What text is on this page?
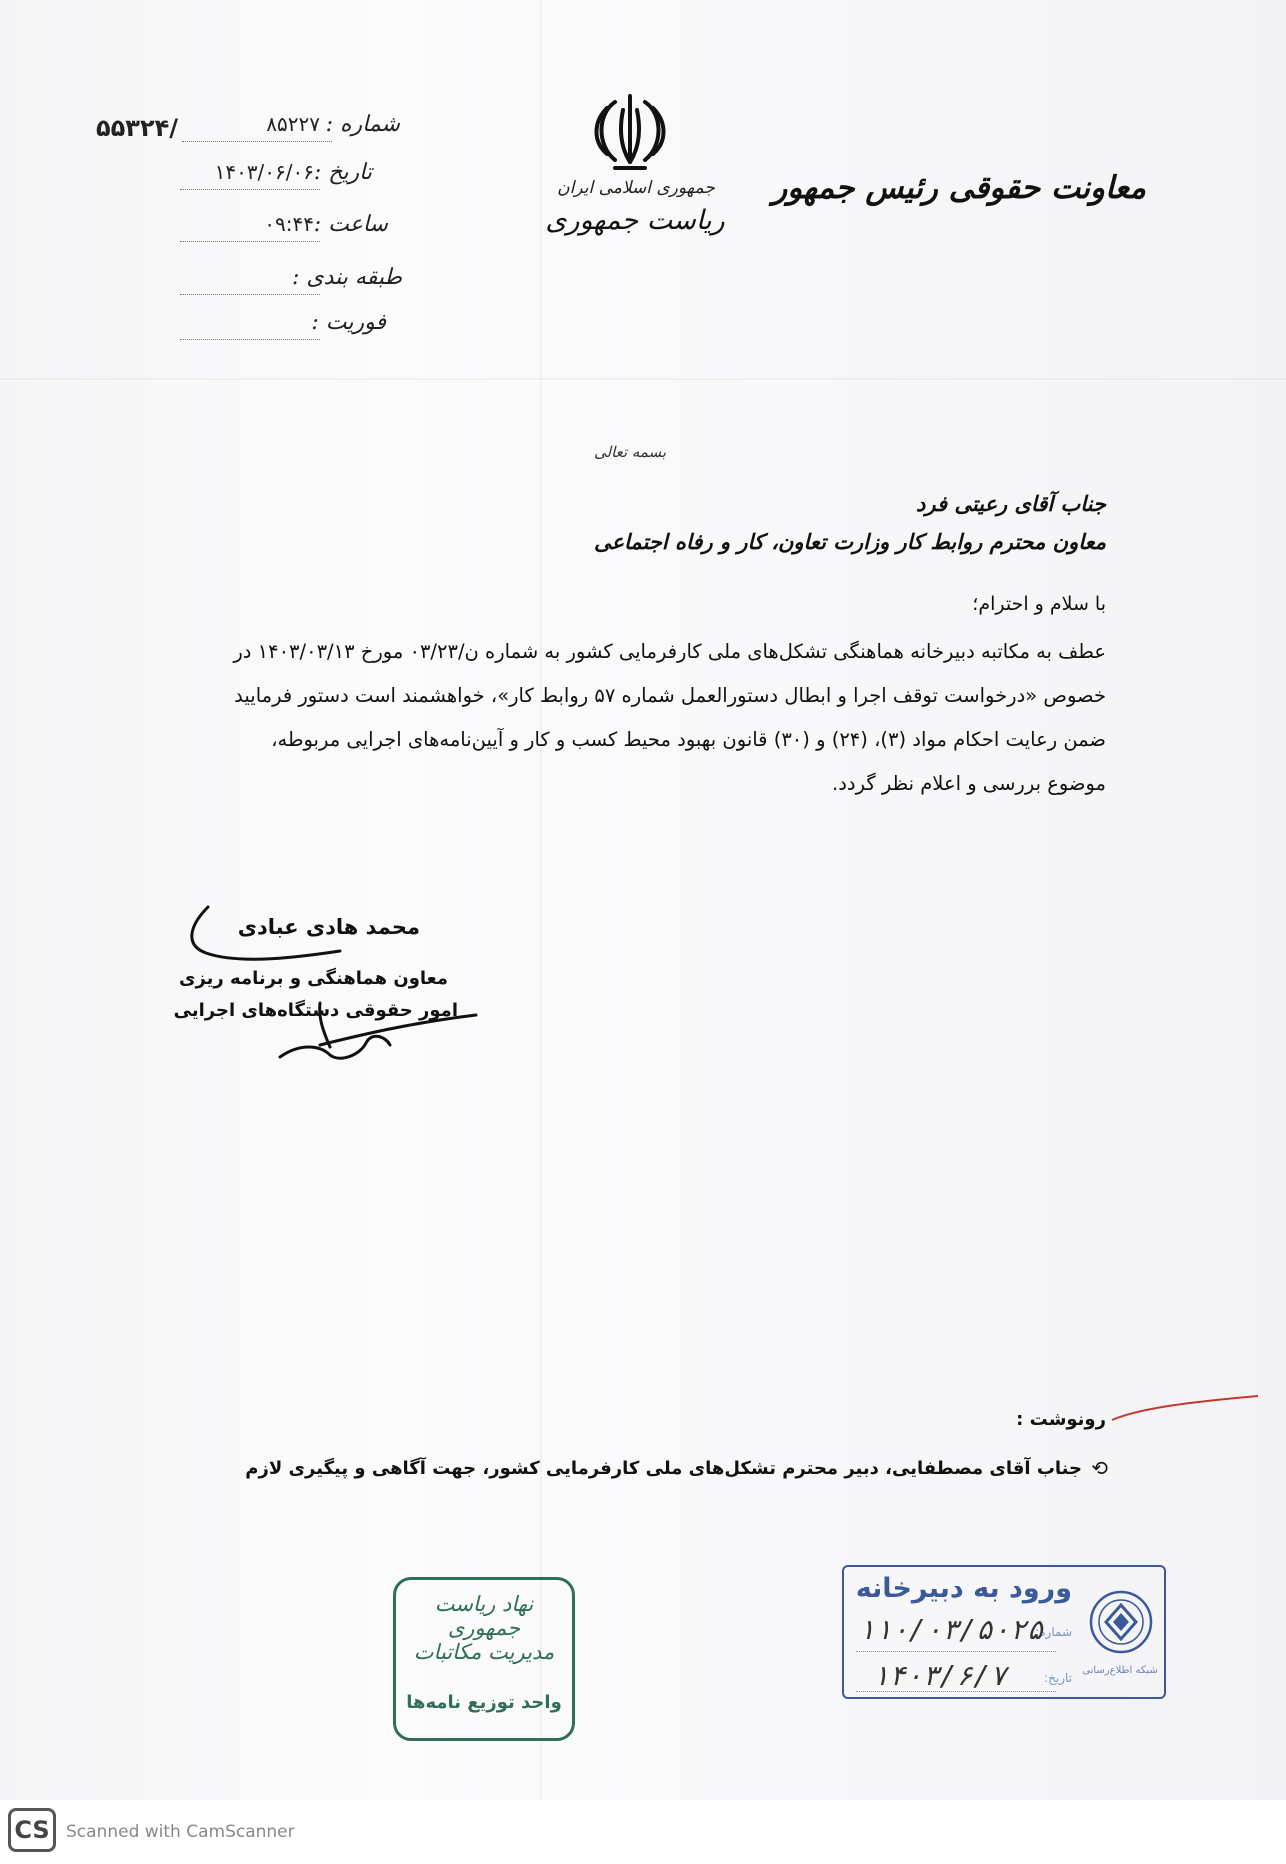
۵۵۳۲۴/	شماره :
۸۵۲۲۷
تاریخ :
۱۴۰۳/۰۶/۰۶
ساعت :
۰۹:۴۴
طبقه بندی :
فوریت :
جمهوری اسلامی ایران
ریاست جمهوری
معاونت حقوقی رئیس جمهور
بسمه تعالی
جناب آقای رعیتی فرد
معاون محترم روابط کار وزارت تعاون، کار و رفاه اجتماعی
با سلام و احترام؛
عطف به مکاتبه دبیرخانه هماهنگی تشکل‌های ملی کارفرمایی کشور به شماره ن/۰۳/۲۳ مورخ ۱۴۰۳/۰۳/۱۳ در
خصوص «درخواست توقف اجرا و ابطال دستورالعمل شماره ۵۷ روابط کار»، خواهشمند است دستور فرمایید
ضمن رعایت احکام مواد (۳)، (۲۴) و (۳۰) قانون بهبود محیط کسب و کار و آیین‌نامه‌های اجرایی مربوطه،
موضوع بررسی و اعلام نظر گردد.
محمد هادی عبادی
معاون هماهنگی و برنامه ریزی
امور حقوقی دستگاه‌های اجرایی
رونوشت :
⟲
جناب آقای مصطفایی، دبیر محترم تشکل‌های ملی کارفرمایی کشور، جهت آگاهی و پیگیری لازم
نهاد ریاست جمهوری
مدیریت مکاتبات
واحد توزیع نامه‌ها
ورود به دبیرخانه
شبکه اطلاع‌رسانی
شماره:
تاریخ:
۱۱۰/۰۳/۵۰۲۵
۱۴۰۳/۶/۷
CS Scanned with CamScanner
